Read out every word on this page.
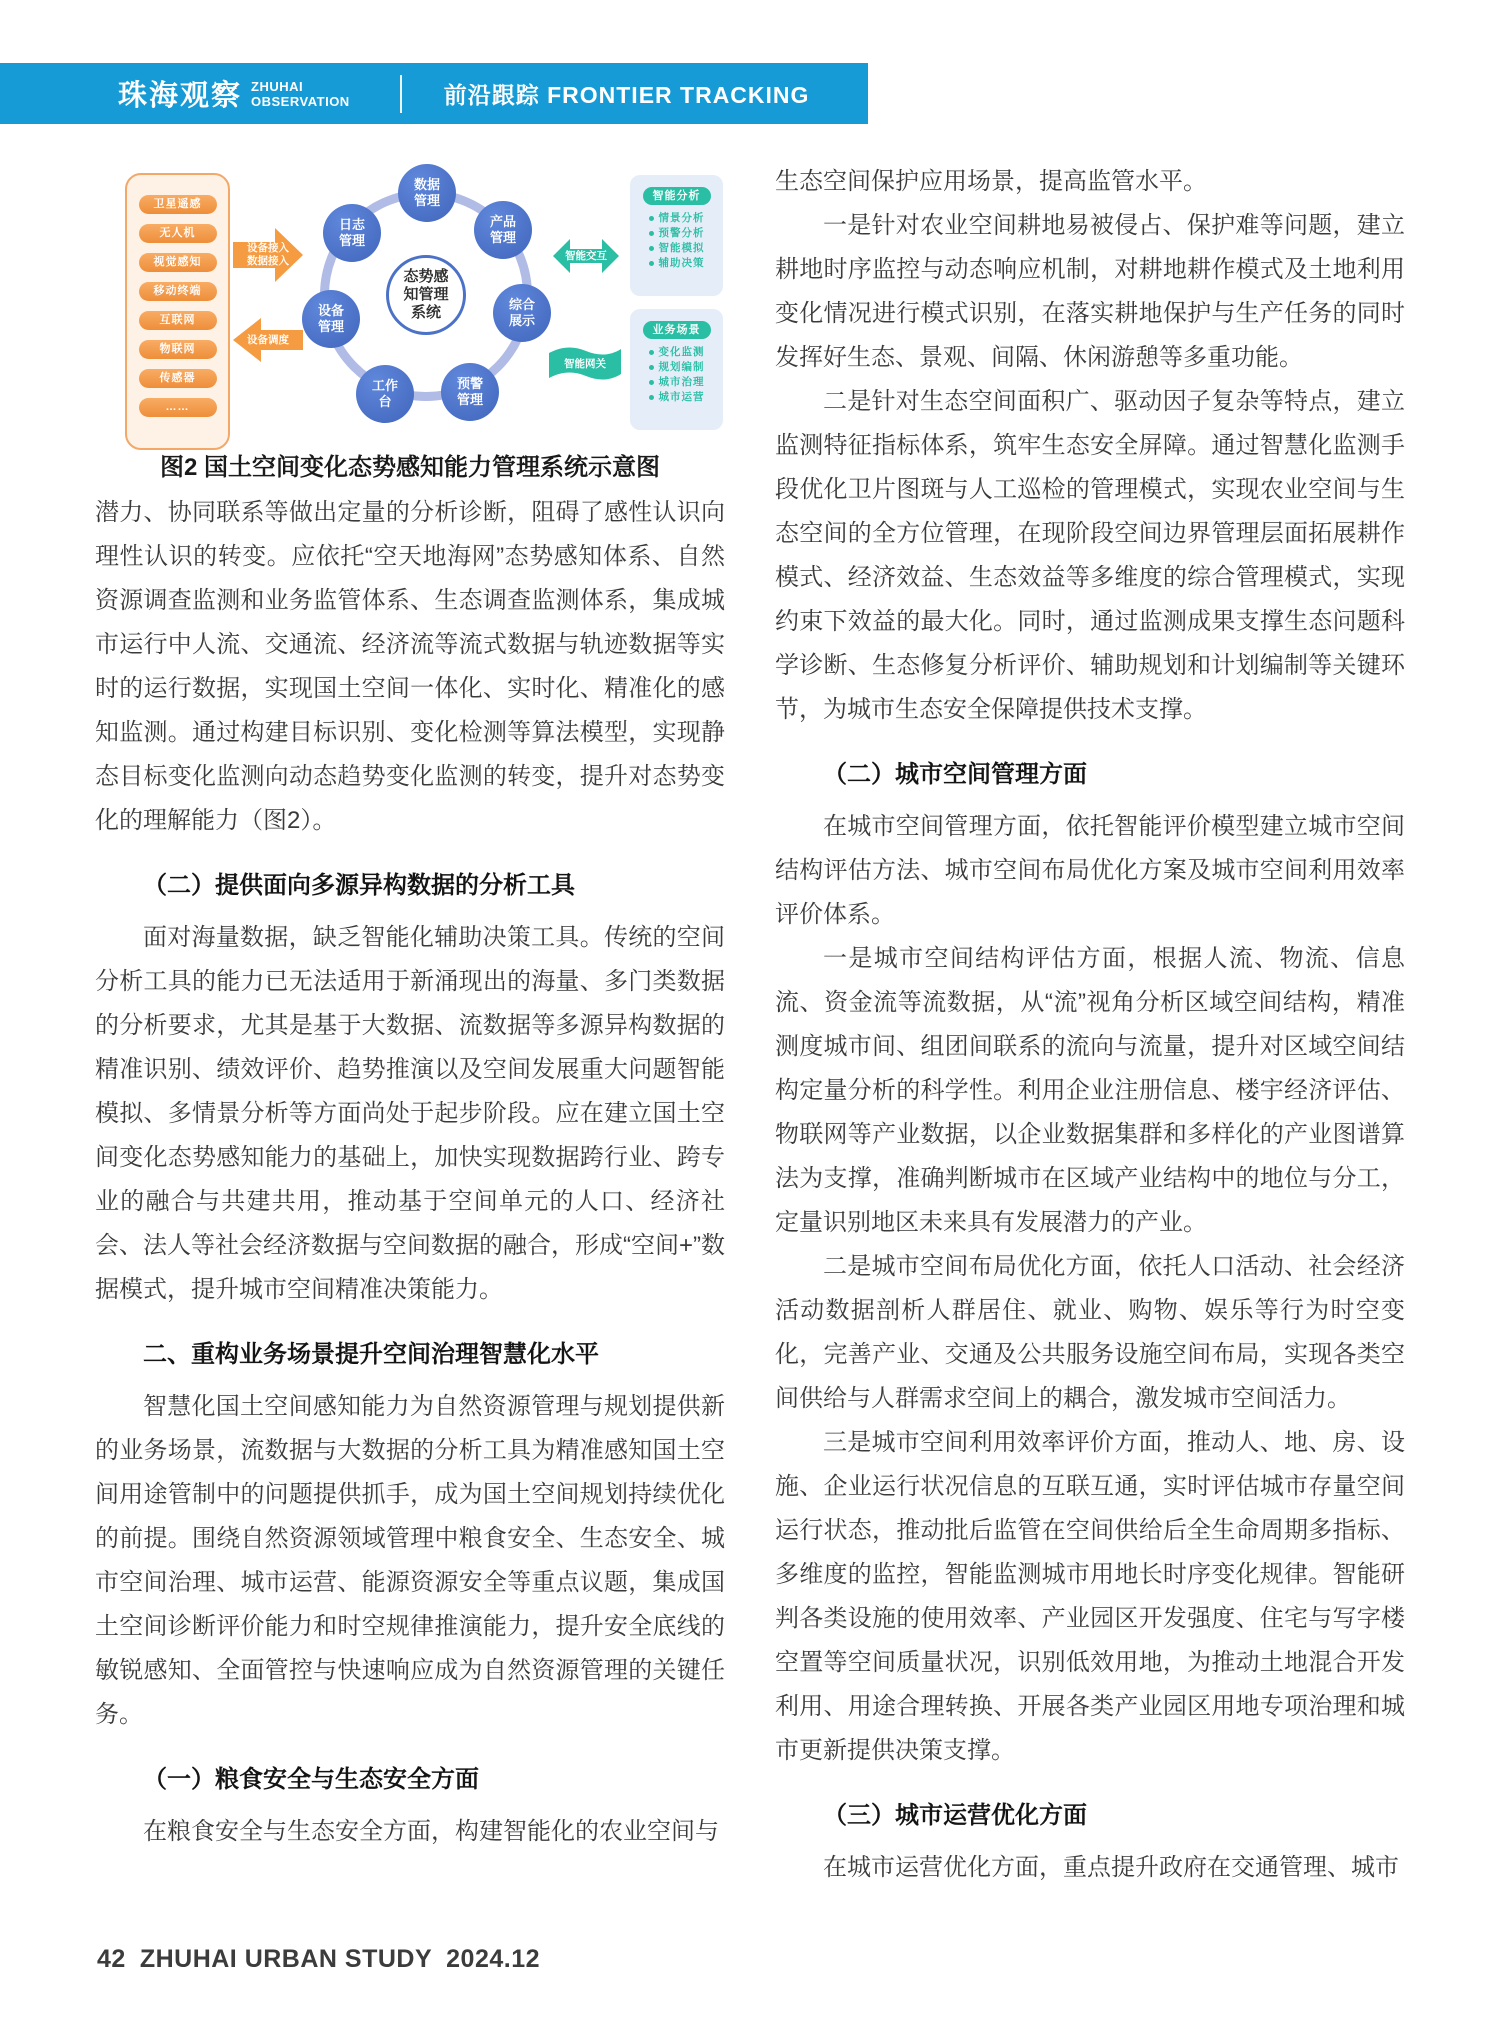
珠海观察 ZHUHAI
OBSERVATION	前沿跟踪 FRONTIER TRACKING
卫星遥感
无人机
视觉感知
移动终端
互联网
物联网
传感器
……
设备接入
数据接入
设备调度
态势感
知管理
系统
数据
管理
日志
管理
产品
管理
设备
管理
综合
展示
工作
台
预警
管理
智能交互
智能网关
智能分析
情景分析
预警分析
智能模拟
辅助决策
业务场景
变化监测
规划编制
城市治理
城市运营
图2 国土空间变化态势感知能力管理系统示意图

潜力、协同联系等做出定量的分析诊断，阻碍了感性认识向理性认识的转变。应依托“空天地海网”态势感知体系、自然资源调查监测和业务监管体系、生态调查监测体系，集成城市运行中人流、交通流、经济流等流式数据与轨迹数据等实时的运行数据，实现国土空间一体化、实时化、精准化的感知监测。通过构建目标识别、变化检测等算法模型，实现静态目标变化监测向动态趋势变化监测的转变，提升对态势变化的理解能力（图2）。

（二）提供面向多源异构数据的分析工具

面对海量数据，缺乏智能化辅助决策工具。传统的空间分析工具的能力已无法适用于新涌现出的海量、多门类数据的分析要求，尤其是基于大数据、流数据等多源异构数据的精准识别、绩效评价、趋势推演以及空间发展重大问题智能模拟、多情景分析等方面尚处于起步阶段。应在建立国土空间变化态势感知能力的基础上，加快实现数据跨行业、跨专业的融合与共建共用，推动基于空间单元的人口、经济社会、法人等社会经济数据与空间数据的融合，形成“空间+”数据模式，提升城市空间精准决策能力。

二、重构业务场景提升空间治理智慧化水平

智慧化国土空间感知能力为自然资源管理与规划提供新的业务场景，流数据与大数据的分析工具为精准感知国土空间用途管制中的问题提供抓手，成为国土空间规划持续优化的前提。围绕自然资源领域管理中粮食安全、生态安全、城市空间治理、城市运营、能源资源安全等重点议题，集成国土空间诊断评价能力和时空规律推演能力，提升安全底线的敏锐感知、全面管控与快速响应成为自然资源管理的关键任务。

（一）粮食安全与生态安全方面

在粮食安全与生态安全方面，构建智能化的农业空间与

生态空间保护应用场景，提高监管水平。

一是针对农业空间耕地易被侵占、保护难等问题，建立耕地时序监控与动态响应机制，对耕地耕作模式及土地利用变化情况进行模式识别，在落实耕地保护与生产任务的同时发挥好生态、景观、间隔、休闲游憩等多重功能。

二是针对生态空间面积广、驱动因子复杂等特点，建立监测特征指标体系，筑牢生态安全屏障。通过智慧化监测手段优化卫片图斑与人工巡检的管理模式，实现农业空间与生态空间的全方位管理，在现阶段空间边界管理层面拓展耕作模式、经济效益、生态效益等多维度的综合管理模式，实现约束下效益的最大化。同时，通过监测成果支撑生态问题科学诊断、生态修复分析评价、辅助规划和计划编制等关键环节，为城市生态安全保障提供技术支撑。

（二）城市空间管理方面

在城市空间管理方面，依托智能评价模型建立城市空间结构评估方法、城市空间布局优化方案及城市空间利用效率评价体系。

一是城市空间结构评估方面，根据人流、物流、信息流、资金流等流数据，从“流”视角分析区域空间结构，精准测度城市间、组团间联系的流向与流量，提升对区域空间结构定量分析的科学性。利用企业注册信息、楼宇经济评估、物联网等产业数据，以企业数据集群和多样化的产业图谱算法为支撑，准确判断城市在区域产业结构中的地位与分工，定量识别地区未来具有发展潜力的产业。

二是城市空间布局优化方面，依托人口活动、社会经济活动数据剖析人群居住、就业、购物、娱乐等行为时空变化，完善产业、交通及公共服务设施空间布局，实现各类空间供给与人群需求空间上的耦合，激发城市空间活力。

三是城市空间利用效率评价方面，推动人、地、房、设施、企业运行状况信息的互联互通，实时评估城市存量空间运行状态，推动批后监管在空间供给后全生命周期多指标、多维度的监控，智能监测城市用地长时序变化规律。智能研判各类设施的使用效率、产业园区开发强度、住宅与写字楼空置等空间质量状况，识别低效用地，为推动土地混合开发利用、用途合理转换、开展各类产业园区用地专项治理和城市更新提供决策支撑。

（三）城市运营优化方面

在城市运营优化方面，重点提升政府在交通管理、城市

42 ZHUHAI URBAN STUDY 2024.12
